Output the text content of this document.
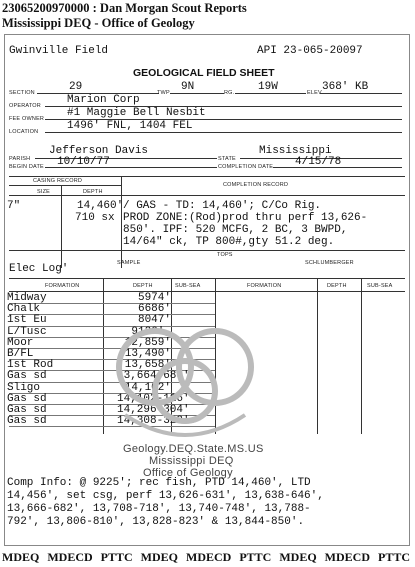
23065200970000 : Dan Morgan Scout Reports
Mississippi DEQ - Office of Geology
Gwinville Field	API 23-065-20097
GEOLOGICAL FIELD SHEET
SECTION	29	TWP 9N	RG. 19W	ELEV 368' KB
OPERATOR Marion Corp
FEE OWNER #1 Maggie Bell Nesbit
LOCATION	1496' FNL, 1404 FEL
PARISH
Jefferson Davis
STATE
Mississippi
BEGIN DATE 10/10/77	COMPLETION DATE 4/15/78
CASING RECORD
COMPLETION RECORD
SIZE	DEPTH
7"	14,460'
710 sx
/ GAS - TD: 14,460'; C/Co Rig.
PROD ZONE:(Rod)prod thru perf 13,626-
850'. IPF: 520 MCFG, 2 BC, 3 BWPD,
14/64" ck, TP 800#,gty 51.2 deg.
TOPS
SAMPLE	SCHLUMBERGER
Elec Log'
FORMATION	DEPTH	SUB-SEA	FORMATION	DEPTH	SUB-SEA
Midway	5974'
Chalk	6686'
1st Eu	8047'
L/Tusc	9120',
Moor	12,859'
B/FL	13,490'
1st Rod	13,658'
Gas sd	13,664-684'
Sligo	14,102'
Gas sd	14,102-116'
Gas sd	14,296-304'
Gas sd	14,308-322'.
Geology.DEQ.State.MS.US
Mississippi DEQ
Office of Geology
Comp Info: @ 9225'; rec fish, PTD 14,460', LTD
14,456', set csg, perf 13,626-631', 13,638-646',
13,666-682', 13,708-718', 13,740-748', 13,788-
792', 13,806-810', 13,828-823' & 13,844-850'.
MDEQ MDECD PTTC MDEQ MDECD PTTC MDEQ MDECD PTTC
